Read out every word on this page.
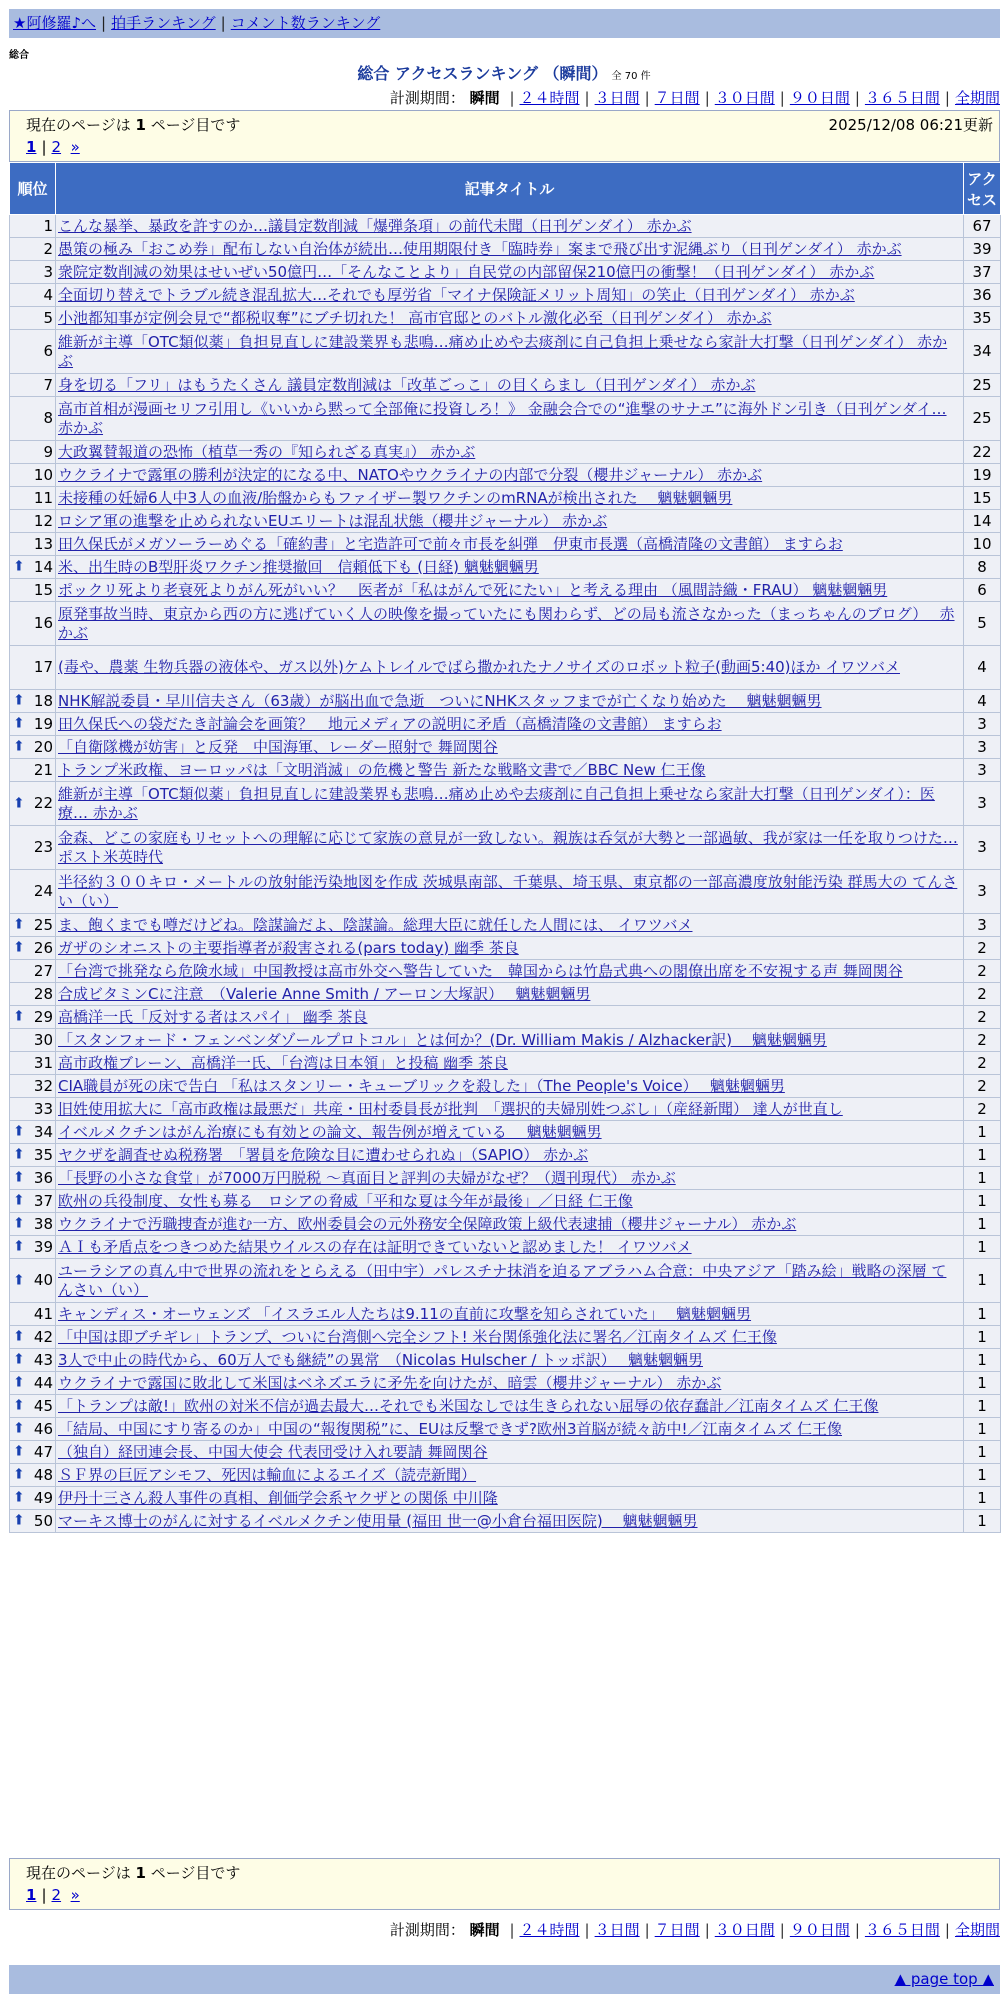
★阿修羅♪へ | 拍手ランキング | コメント数ランキング
総合
総合 アクセスランキング （瞬間） 全 70 件
計測期間： 瞬間 | ２４時間 | ３日間 | ７日間 | ３０日間 | ９０日間 | ３６５日間 | 全期間
現在のページは 1 ページ目です	2025/12/08 06:21更新
1 | 2 »
順位	記事タイトル	アクセス
1	こんな暴挙、暴政を許すのか…議員定数削減「爆弾条項」の前代未聞（日刊ゲンダイ） 赤かぶ	67
2	愚策の極み「おこめ券」配布しない自治体が続出…使用期限付き「臨時券」案まで飛び出す泥縄ぶり（日刊ゲンダイ） 赤かぶ	39
3	衆院定数削減の効果はせいぜい50億円…「そんなことより」自民党の内部留保210億円の衝撃！（日刊ゲンダイ） 赤かぶ	37
4	全面切り替えでトラブル続き混乱拡大…それでも厚労省「マイナ保険証メリット周知」の笑止（日刊ゲンダイ） 赤かぶ	36
5	小池都知事が定例会見で“都税収奪”にブチ切れた！ 高市官邸とのバトル激化必至（日刊ゲンダイ） 赤かぶ	35
6	維新が主導「OTC類似薬」負担見直しに建設業界も悲鳴…痛め止めや去痰剤に自己負担上乗せなら家計大打撃（日刊ゲンダイ） 赤かぶ	34
7	身を切る「フリ」はもうたくさん 議員定数削減は「改革ごっこ」の目くらまし（日刊ゲンダイ） 赤かぶ	25
8	高市首相が漫画セリフ引用し《いいから黙って全部俺に投資しろ！》 金融会合での“進撃のサナエ”に海外ドン引き（日刊ゲンダイ… 赤かぶ	25
9	大政翼賛報道の恐怖（植草一秀の『知られざる真実』） 赤かぶ	22
10	ウクライナで露軍の勝利が決定的になる中、NATOやウクライナの内部で分裂（櫻井ジャーナル） 赤かぶ	19
11	未接種の妊婦6人中3人の血液/胎盤からもファイザー製ワクチンのmRNAが検出された　 魑魅魍魎男	15
12	ロシア軍の進撃を止められないEUエリートは混乱状態（櫻井ジャーナル） 赤かぶ	14
13	田久保氏がメガソーラーめぐる「確約書」と宅造許可で前々市長を糾弾　伊東市長選（高橋清隆の文書館） ますらお	10

⬆ 14	米、出生時のB型肝炎ワクチン推奨撤回　信頼低下も (日経) 魑魅魍魎男	8
15	ポックリ死より老衰死よりがん死がいい？　医者が「私はがんで死にたい」と考える理由 （風間詩織・FRAU） 魑魅魍魎男	6
16	原発事故当時、東京から西の方に逃げていく人の映像を撮っていたにも関わらず、どの局も流さなかった（まっちゃんのブログ）　 赤かぶ	5
17	(毒や、農薬 生物兵器の液体や、ガス以外)ケムトレイルでばら撒かれたナノサイズのロボット粒子(動画5:40)ほか イワツバメ	4

⬆ 18	NHK解説委員・早川信夫さん（63歳）が脳出血で急逝　ついにNHKスタッフまでが亡くなり始めた　 魑魅魍魎男	4

⬆ 19	田久保氏への袋だたき討論会を画策？　地元メディアの説明に矛盾（高橋清隆の文書館） ますらお	3

⬆ 20	「自衛隊機が妨害」と反発　中国海軍、レーダー照射で 舞岡関谷	3
21	トランプ米政権、ヨーロッパは「文明消滅」の危機と警告 新たな戦略文書で／BBC New 仁王像	3

⬆ 22	維新が主導「OTC類似薬」負担見直しに建設業界も悲鳴…痛め止めや去痰剤に自己負担上乗せなら家計大打撃（日刊ゲンダイ）：医療… 赤かぶ	3
23	金森、どこの家庭もリセットへの理解に応じて家族の意見が一致しない。親族は呑気が大勢と一部過敏、我が家は一任を取りつけた… ポスト米英時代	3
24	半径約３００キロ・メートルの放射能汚染地図を作成 茨城県南部、千葉県、埼玉県、東京都の一部高濃度放射能汚染 群馬大の てんさい（い）	3

⬆ 25	ま、飽くまでも噂だけどね。陰謀論だよ、陰謀論。総理大臣に就任した人間には、 イワツバメ	3

⬆ 26	ガザのシオニストの主要指導者が殺害される(pars today) 幽季 茶良	2
27	「台湾で挑発なら危険水域」中国教授は高市外交へ警告していた　韓国からは竹島式典への閣僚出席を不安視する声 舞岡関谷	2
28	合成ビタミンCに注意　（Valerie Anne Smith / アーロン大塚訳）　 魑魅魍魎男	2

⬆ 29	高橋洋一氏「反対する者はスパイ」 幽季 茶良	2
30	「スタンフォード・フェンベンダゾールプロトコル」とは何か？(Dr. William Makis / Alzhacker訳)　 魑魅魍魎男	2
31	高市政権ブレーン、高橋洋一氏、「台湾は日本領」と投稿 幽季 茶良	2
32	CIA職員が死の床で告白 「私はスタンリー・キューブリックを殺した」（The People's Voice）　 魑魅魍魎男	2
33	旧姓使用拡大に「高市政権は最悪だ」共産・田村委員長が批判　「選択的夫婦別姓つぶし」（産経新聞） 達人が世直し	2

⬆ 34	イベルメクチンはがん治療にも有効との論文、報告例が増えている　 魑魅魍魎男	1

⬆ 35	ヤクザを調査せぬ税務署　「署員を危険な目に遭わせられぬ」（SAPIO） 赤かぶ	1

⬆ 36	「長野の小さな食堂」が7000万円脱税 ～真面目と評判の夫婦がなぜ？（週刊現代） 赤かぶ	1

⬆ 37	欧州の兵役制度、女性も募る　ロシアの脅威「平和な夏は今年が最後」／日経 仁王像	1

⬆ 38	ウクライナで汚職捜査が進む一方、欧州委員会の元外務安全保障政策上級代表逮捕（櫻井ジャーナル） 赤かぶ	1

⬆ 39	ＡＩも矛盾点をつきつめた結果ウイルスの存在は証明できていないと認めました！ イワツバメ	1

⬆ 40	ユーラシアの真ん中で世界の流れをとらえる（田中宇）パレスチナ抹消を迫るアブラハム合意：中央アジア「踏み絵」戦略の深層 てんさい（い）	1
41	キャンディス・オーウェンズ 「イスラエル人たちは9.11の直前に攻撃を知らされていた」　 魑魅魍魎男	1

⬆ 42	「中国は即ブチギレ」トランプ、ついに台湾側へ完全シフト! 米台関係強化法に署名／江南タイムズ 仁王像	1

⬆ 43	3人で中止の時代から、60万人でも継続”の異常　（Nicolas Hulscher / トッポ訳）　 魑魅魍魎男	1

⬆ 44	ウクライナで露国に敗北して米国はベネズエラに矛先を向けたが、暗雲（櫻井ジャーナル） 赤かぶ	1

⬆ 45	「トランプは敵!」欧州の対米不信が過去最大…それでも米国なしでは生きられない屈辱の依存蠢計／江南タイムズ 仁王像	1

⬆ 46	「結局、中国にすり寄るのか」中国の“報復関税”に、EUは反撃できず?欧州3首脳が続々訪中!／江南タイムズ 仁王像	1

⬆ 47	（独自）経団連会長、中国大使会 代表団受け入れ要請 舞岡関谷	1

⬆ 48	ＳＦ界の巨匠アシモフ、死因は輸血によるエイズ（読売新聞）	1

⬆ 49	伊丹十三さん殺人事件の真相、創価学会系ヤクザとの関係 中川隆	1

⬆ 50	マーキス博士のがんに対するイベルメクチン使用量 (福田 世一@小倉台福田医院)　 魑魅魍魎男	1
現在のページは 1 ページ目です
1 | 2 »
計測期間： 瞬間 | ２４時間 | ３日間 | ７日間 | ３０日間 | ９０日間 | ３６５日間 | 全期間
▲ page top ▲
